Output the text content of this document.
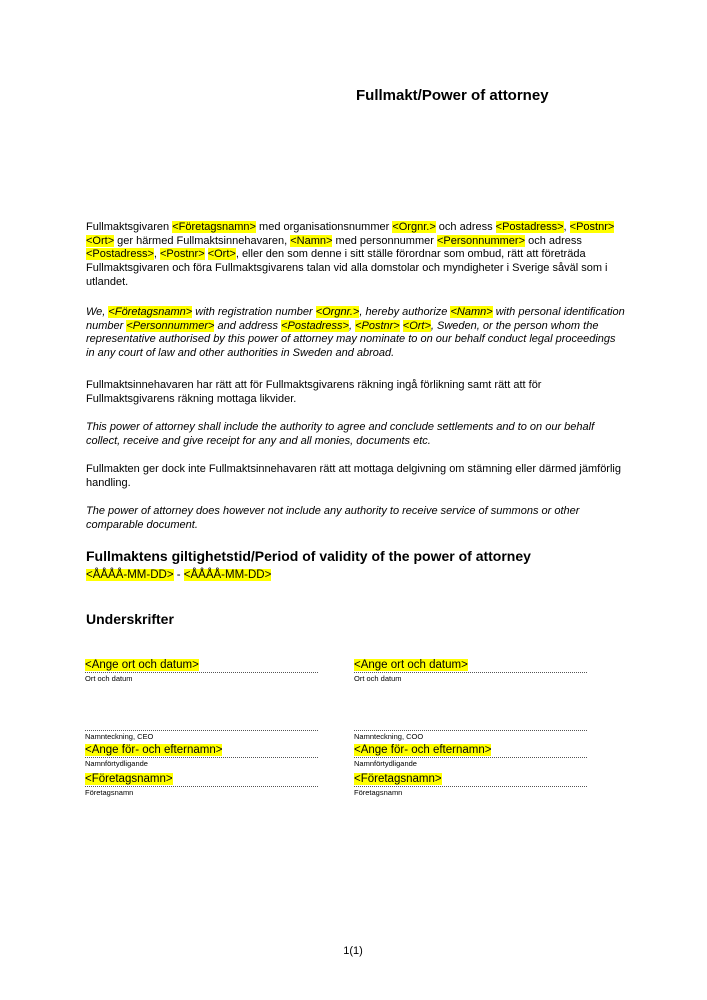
Fullmakt/Power of attorney

Fullmaktsgivaren <Företagsnamn> med organisationsnummer <Orgnr.> och adress <Postadress>, <Postnr> <Ort> ger härmed Fullmaktsinnehavaren, <Namn> med personnummer <Personnummer> och adress <Postadress>, <Postnr> <Ort>, eller den som denne i sitt ställe förordnar som ombud, rätt att företräda Fullmaktsgivaren och föra Fullmaktsgivarens talan vid alla domstolar och myndigheter i Sverige såväl som i utlandet.

We, <Företagsnamn> with registration number <Orgnr.>, hereby authorize <Namn> with personal identification number <Personnummer> and address <Postadress>, <Postnr> <Ort>, Sweden, or the person whom the representative authorised by this power of attorney may nominate to on our behalf conduct legal proceedings in any court of law and other authorities in Sweden and abroad.

Fullmaktsinnehavaren har rätt att för Fullmaktsgivarens räkning ingå förlikning samt rätt att för Fullmaktsgivarens räkning mottaga likvider.

This power of attorney shall include the authority to agree and conclude settlements and to on our behalf collect, receive and give receipt for any and all monies, documents etc.

Fullmakten ger dock inte Fullmaktsinnehavaren rätt att mottaga delgivning om stämning eller därmed jämförlig handling.

The power of attorney does however not include any authority to receive service of summons or other comparable document.

Fullmaktens giltighetstid/Period of validity of the power of attorney
<ÅÅÅÅ-MM-DD> - <ÅÅÅÅ-MM-DD>
Underskrifter
<Ange ort och datum>
Ort och datum
Namnteckning, CEO
<Ange för- och efternamn>
Namnförtydligande
<Företagsnamn>
Företagsnamn
<Ange ort och datum>
Ort och datum
Namnteckning, COO
<Ange för- och efternamn>
Namnförtydligande
<Företagsnamn>
Företagsnamn
1(1)
